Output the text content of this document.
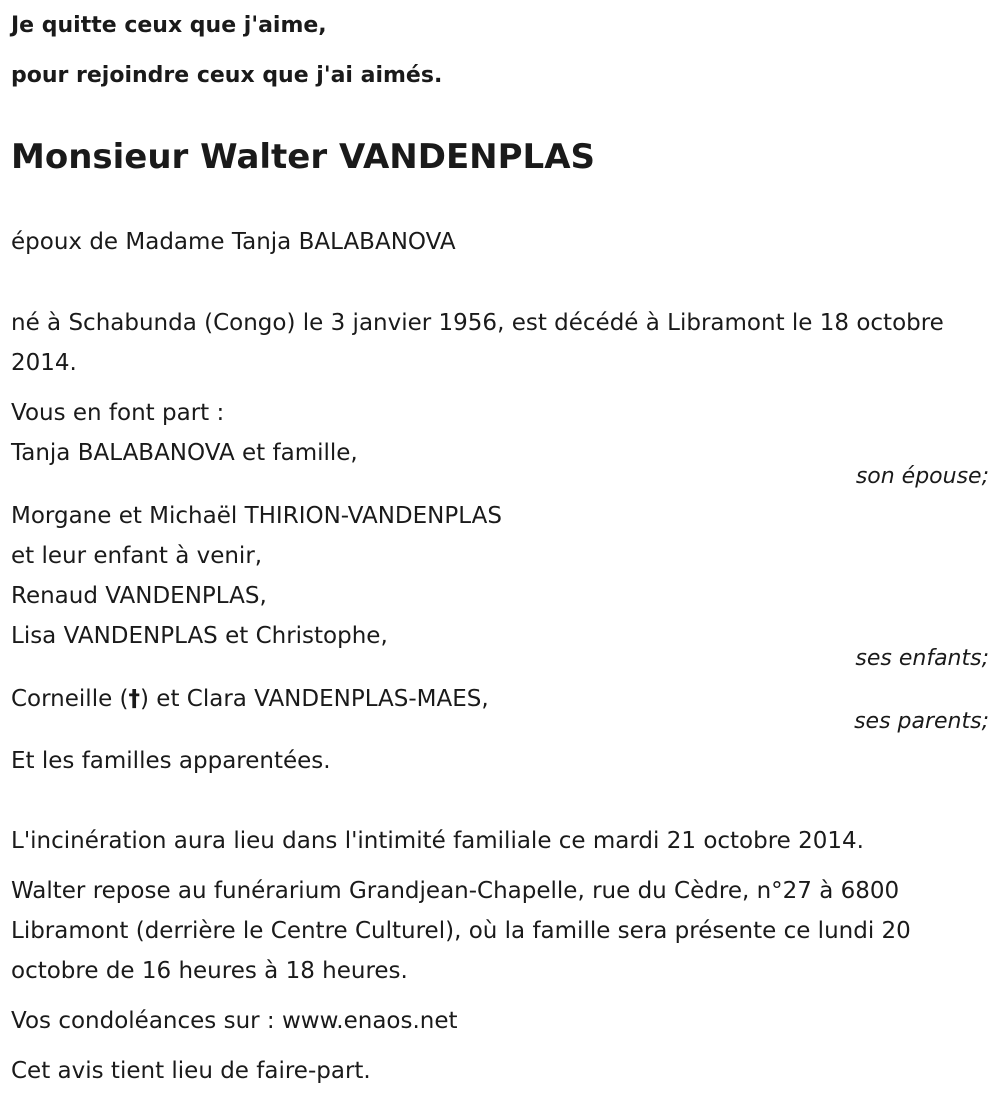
Je quitte ceux que j'aime,

pour rejoindre ceux que j'ai aimés.

Monsieur Walter VANDENPLAS
époux de Madame Tanja BALABANOVA
né à Schabunda (Congo) le 3 janvier 1956, est décédé à Libramont le 18 octobre 2014.
Vous en font part :
Tanja BALABANOVA et famille,
son épouse;
Morgane et Michaël THIRION-VANDENPLAS
et leur enfant à venir,
Renaud VANDENPLAS,
Lisa VANDENPLAS et Christophe,
ses enfants;
Corneille (†) et Clara VANDENPLAS-MAES,
ses parents;
Et les familles apparentées.
L'incinération aura lieu dans l'intimité familiale ce mardi 21 octobre 2014.
Walter repose au funérarium Grandjean-Chapelle, rue du Cèdre, n°27 à 6800 Libramont (derrière le Centre Culturel), où la famille sera présente ce lundi 20 octobre de 16 heures à 18 heures.
Vos condoléances sur : www.enaos.net
Cet avis tient lieu de faire-part.
